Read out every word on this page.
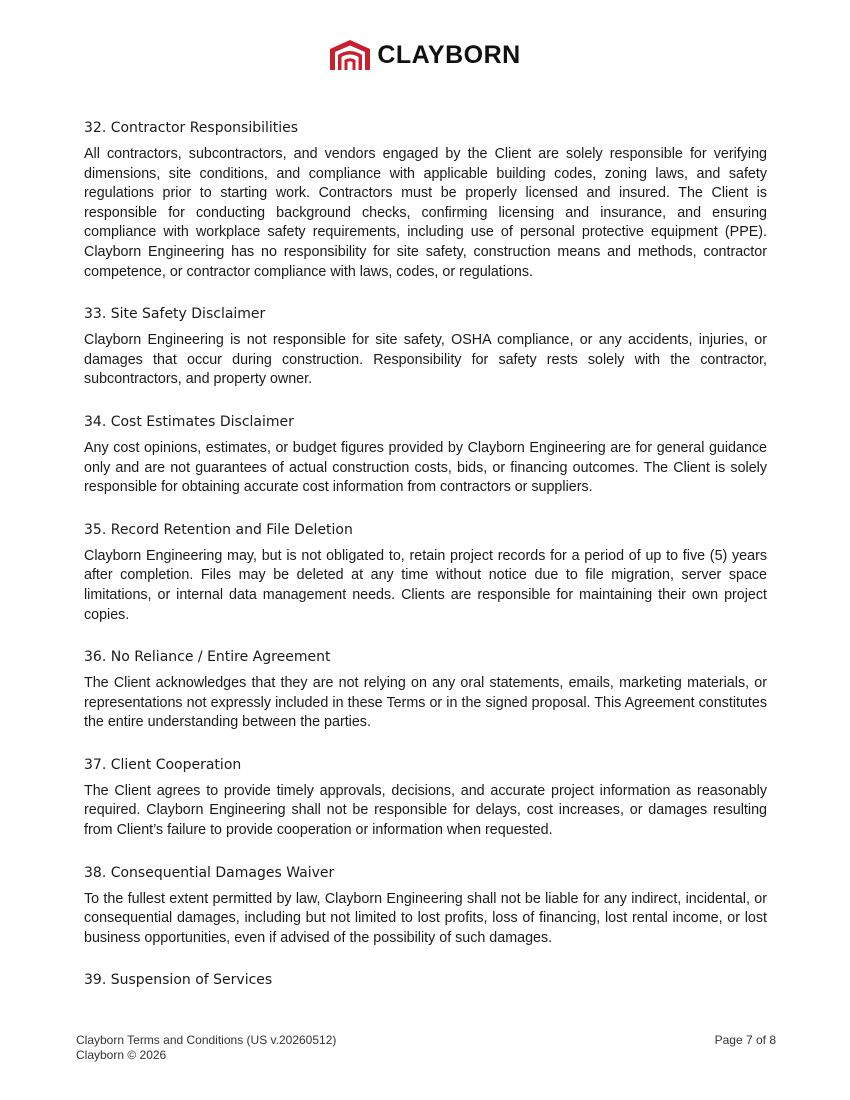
CLAYBORN
32. Contractor Responsibilities

All contractors, subcontractors, and vendors engaged by the Client are solely responsible for verifying dimensions, site conditions, and compliance with applicable building codes, zoning laws, and safety regulations prior to starting work. Contractors must be properly licensed and insured. The Client is responsible for conducting background checks, confirming licensing and insurance, and ensuring compliance with workplace safety requirements, including use of personal protective equipment (PPE). Clayborn Engineering has no responsibility for site safety, construction means and methods, contractor competence, or contractor compliance with laws, codes, or regulations.

33. Site Safety Disclaimer

Clayborn Engineering is not responsible for site safety, OSHA compliance, or any accidents, injuries, or damages that occur during construction. Responsibility for safety rests solely with the contractor, subcontractors, and property owner.

34. Cost Estimates Disclaimer

Any cost opinions, estimates, or budget figures provided by Clayborn Engineering are for general guidance only and are not guarantees of actual construction costs, bids, or financing outcomes. The Client is solely responsible for obtaining accurate cost information from contractors or suppliers.

35. Record Retention and File Deletion

Clayborn Engineering may, but is not obligated to, retain project records for a period of up to five (5) years after completion. Files may be deleted at any time without notice due to file migration, server space limitations, or internal data management needs. Clients are responsible for maintaining their own project copies.

36. No Reliance / Entire Agreement

The Client acknowledges that they are not relying on any oral statements, emails, marketing materials, or representations not expressly included in these Terms or in the signed proposal. This Agreement constitutes the entire understanding between the parties.

37. Client Cooperation

The Client agrees to provide timely approvals, decisions, and accurate project information as reasonably required. Clayborn Engineering shall not be responsible for delays, cost increases, or damages resulting from Client’s failure to provide cooperation or information when requested.

38. Consequential Damages Waiver

To the fullest extent permitted by law, Clayborn Engineering shall not be liable for any indirect, incidental, or consequential damages, including but not limited to lost profits, loss of financing, lost rental income, or lost business opportunities, even if advised of the possibility of such damages.

39. Suspension of Services
Clayborn Terms and Conditions (US v.20260512)
Clayborn © 2026
Page 7 of 8
